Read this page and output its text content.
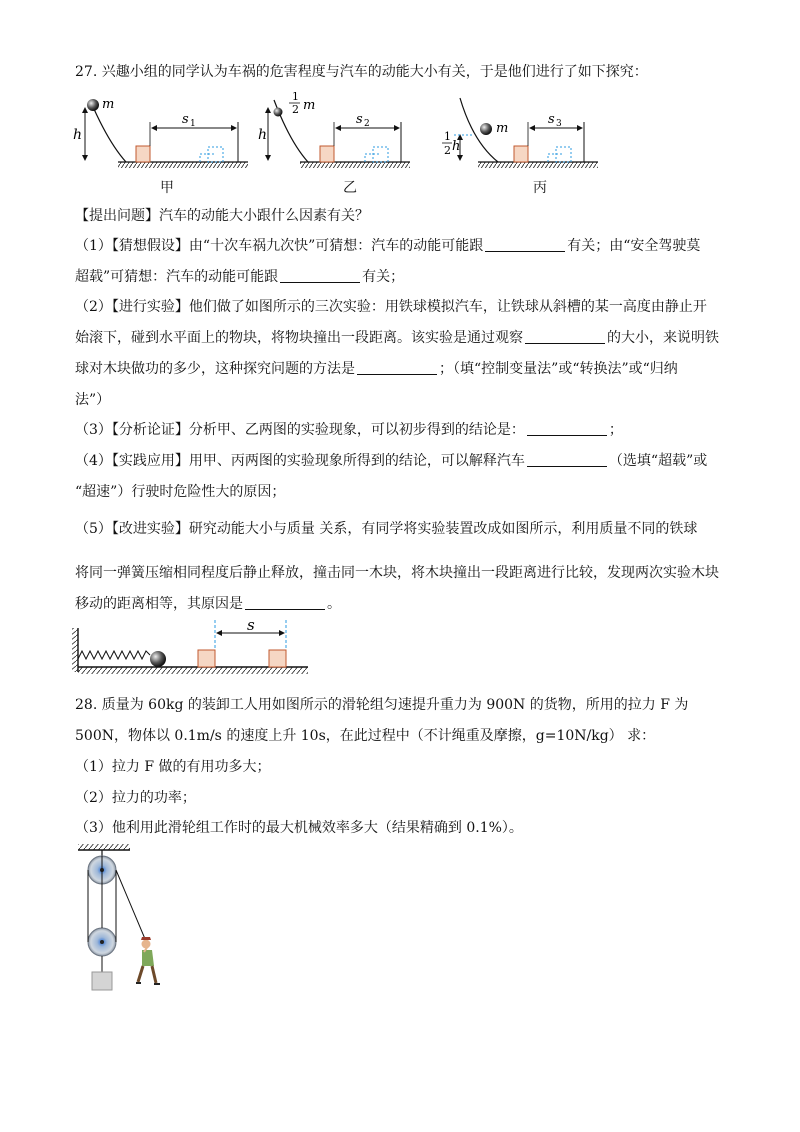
27. 兴趣小组的同学认为车祸的危害程度与汽车的动能大小有关，于是他们进行了如下探究：
m
h
s 1
1
2 m
h
s 2	m
1
2 h
s 3
甲	乙	丙
【提出问题】汽车的动能大小跟什么因素有关？
（1）【猜想假设】由“十次车祸九次快”可猜想：汽车的动能可能跟	有关；由“安全驾驶莫
超载”可猜想：汽车的动能可能跟	有关；
（2）【进行实验】他们做了如图所示的三次实验：用铁球模拟汽车，让铁球从斜槽的某一高度由静止开
始滚下，碰到水平面上的物块，将物块撞出一段距离。该实验是通过观察	的大小，来说明铁
球对木块做功的多少，这种探究问题的方法是	；（填“控制变量法”或“转换法”或“归纳
法”）
（3）【分析论证】分析甲、乙两图的实验现象，可以初步得到的结论是：	；
（4）【实践应用】用甲、丙两图的实验现象所得到的结论，可以解释汽车	（选填“超载”或
“超速”）行驶时危险性大的原因；
（5）【改进实验】研究动能大小与质量 关系，有同学将实验装置改成如图所示，利用质量不同的铁球
将同一弹簧压缩相同程度后静止释放，撞击同一木块，将木块撞出一段距离进行比较，发现两次实验木块
移动的距离相等，其原因是	。
s
28. 质量为 60kg 的装卸工人用如图所示的滑轮组匀速提升重力为 900N 的货物，所用的拉力 F 为
500N，物体以 0.1m/s 的速度上升 10s，在此过程中（不计绳重及摩擦，g=10N/kg） 求：
（1）拉力 F 做的有用功多大；
（2）拉力的功率；
（3）他利用此滑轮组工作时的最大机械效率多大（结果精确到 0.1%）。
